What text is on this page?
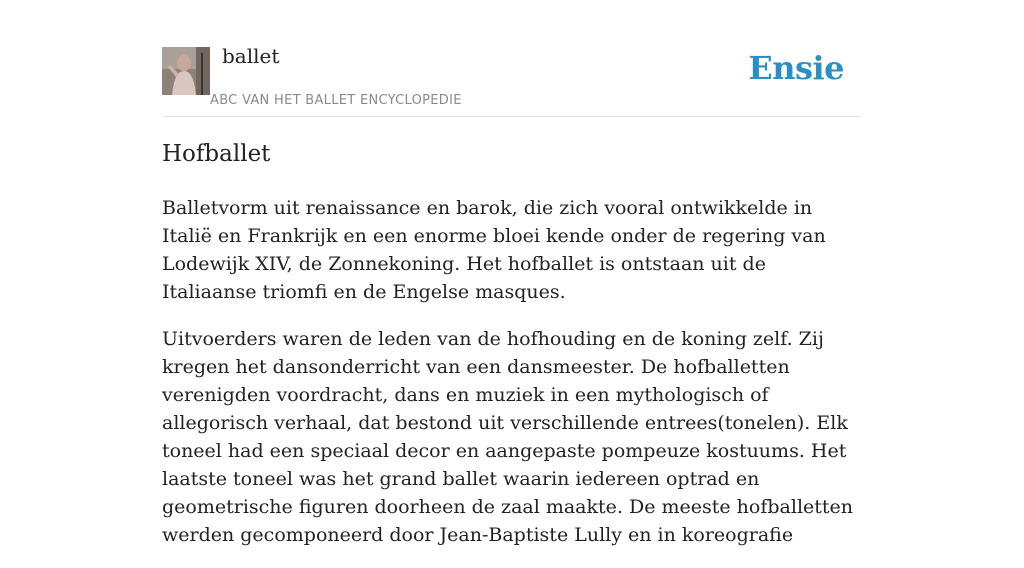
ballet
ABC VAN HET BALLET ENCYCLOPEDIE
Ensie
Hofballet

Balletvorm uit renaissance en barok, die zich vooral ontwikkelde in Italië en Frankrijk en een enorme bloei kende onder de regering van Lodewijk XIV, de Zonnekoning. Het hofballet is ontstaan uit de Italiaanse triomfi en de Engelse masques.

Uitvoerders waren de leden van de hofhouding en de koning zelf. Zij kregen het dansonderricht van een dansmeester. De hofballetten verenigden voordracht, dans en muziek in een mythologisch of allegorisch verhaal, dat bestond uit verschillende entrees(tonelen). Elk toneel had een speciaal decor en aangepaste pompeuze kostuums. Het laatste toneel was het grand ballet waarin iedereen optrad en geometrische figuren doorheen de zaal maakte. De meeste hofballetten werden gecomponeerd door Jean-Baptiste Lully en in koreografie
